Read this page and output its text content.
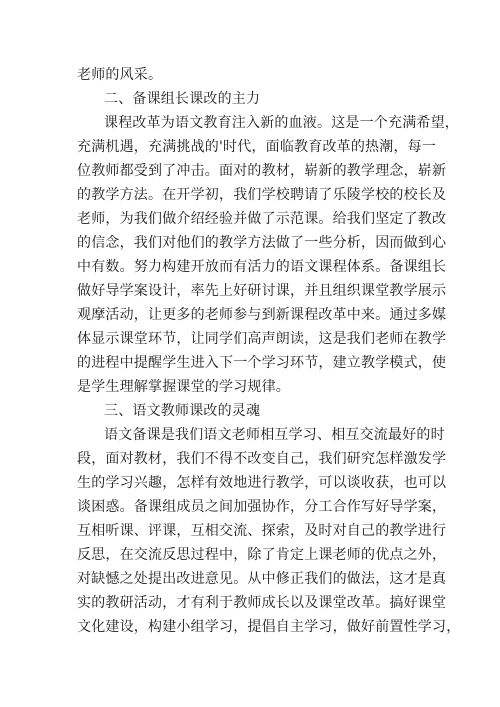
老师的风采。
二、备课组长课改的主力
课程改革为语文教育注入新的血液。这是一个充满希望，
充满机遇，充满挑战的'时代，面临教育改革的热潮，每一
位教师都受到了冲击。面对的教材，崭新的教学理念，崭新
的教学方法。在开学初，我们学校聘请了乐陵学校的校长及
老师，为我们做介绍经验并做了示范课。给我们坚定了教改
的信念，我们对他们的教学方法做了一些分析，因而做到心
中有数。努力构建开放而有活力的语文课程体系。备课组长
做好导学案设计，率先上好研讨课，并且组织课堂教学展示
观摩活动，让更多的老师参与到新课程改革中来。通过多媒
体显示课堂环节，让同学们高声朗读，这是我们老师在教学
的进程中提醒学生进入下一个学习环节，建立教学模式，使
是学生理解掌握课堂的学习规律。
三、语文教师课改的灵魂
语文备课是我们语文老师相互学习、相互交流最好的时
段，面对教材，我们不得不改变自己，我们研究怎样激发学
生的学习兴趣，怎样有效地进行教学，可以谈收获，也可以
谈困惑。备课组成员之间加强协作，分工合作写好导学案，
互相听课、评课，互相交流、探索，及时对自己的教学进行
反思，在交流反思过程中，除了肯定上课老师的优点之外，
对缺憾之处提出改进意见。从中修正我们的做法，这才是真
实的教研活动，才有利于教师成长以及课堂改革。搞好课堂
文化建设，构建小组学习，提倡自主学习，做好前置性学习，
